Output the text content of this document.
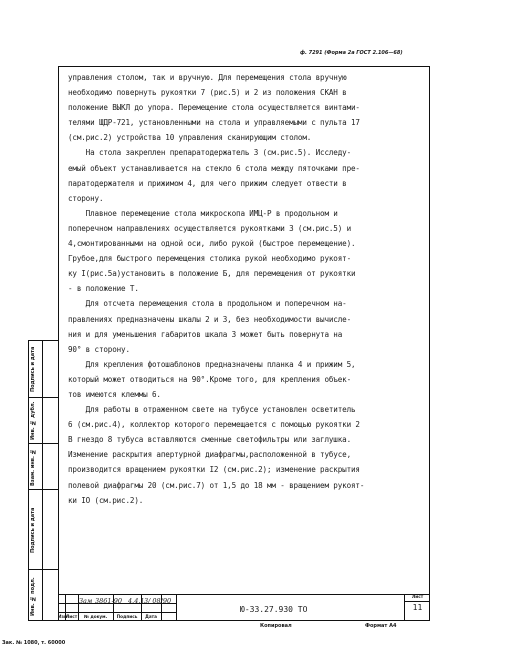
ф. 7291 (Форма 2а ГОСТ 2.106—68)
управления столом, так и вручную. Для перемещения стола вручную
необходимо повернуть рукоятки 7 (рис.5) и 2 из положения СКАН в
положение ВЫКЛ до упора. Перемещение стола осуществляется винтами-
телями ШДР-721, установленными на стола и управляемыми с пульта 17
(см.рис.2) устройства 10 управления сканирующим столом.
На стола закреплен препаратодержатель 3 (см.рис.5). Исследу-
емый объект устанавливается на стекло 6 стола между пяточками пре-
паратодержателя и прижимом 4, для чего прижим следует отвести в
сторону.
Плавное перемещение стола микроскопа ИМЦ-Р в продольном и
поперечном направлениях осуществляется рукоятками 3 (см.рис.5) и
4,смонтированными на одной оси, либо рукой (быстрое перемещение).
Грубое,для быстрого перемещения столика рукой необходимо рукоят-
ку I(рис.5а)установить в положение Б, для перемещения от рукоятки
- в положение Т.
Для отсчета перемещения стола в продольном и поперечном на-
правлениях предназначены шкалы 2 и 3, без необходимости вычисле-
ния и для уменьшения габаритов шкала 3 может быть повернута на
90° в сторону.
Для крепления фотошаблонов предназначены планка 4 и прижим 5,
который может отводиться на 90°.Кроме того, для крепления объек-
тов имеются клеммы 6.
Для работы в отраженном свете на тубусе установлен осветитель
6 (см.рис.4), коллектор которого перемещается с помощью рукоятки 2
В гнездо 8 тубуса вставляются сменные светофильтры или заглушка.
Изменение раскрытия апертурной диафрагмы,расположенной в тубусе,
производится вращением рукоятки I2 (см.рис.2); изменение раскрытия
полевой диафрагмы 20 (см.рис.7) от 1,5 до 18 мм - вращением рукоят-
ки IO (см.рис.2).
Подпись и дата
Инв. № дубл.
Взам. инв. №
Подпись и дата
Инв. № подл.
Изм
Лист	№ докум.	Подпись	Дата
Зам 3861-90 4.4.1 3/ 08/90
Ю-33.27.930 ТО
Лист
11
Копировал	Формат А4
Зак. № 1080, т. 60000
